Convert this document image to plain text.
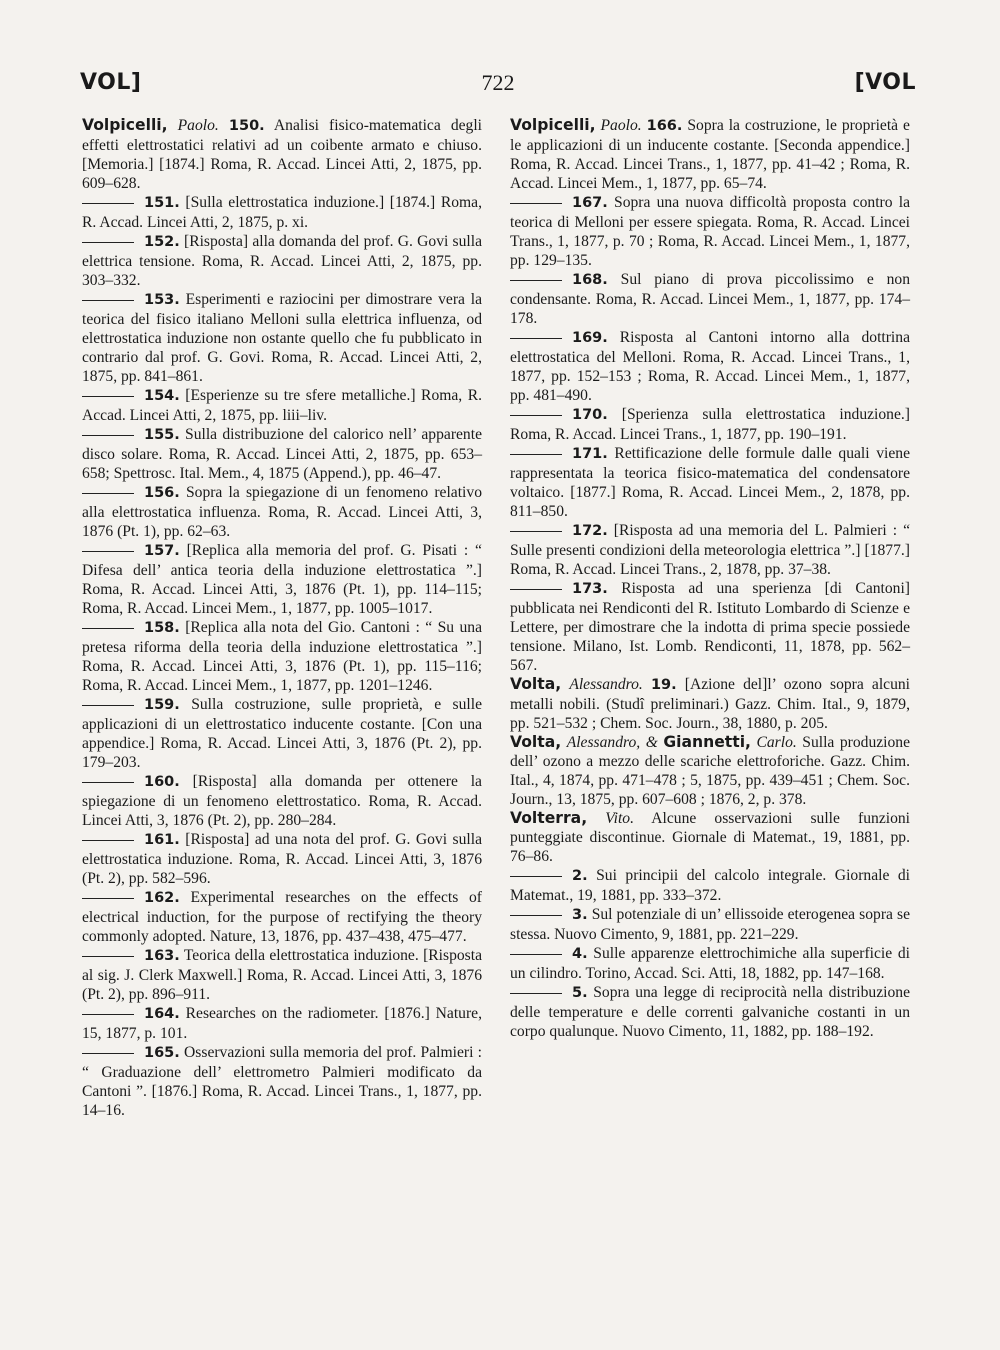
VOL]	722	[VOL

Volpicelli, Paolo. 150. Analisi fisico-matematica degli effetti elettrostatici relativi ad un coibente armato e chiuso. [Memoria.] [1874.] Roma, R. Accad. Lincei Atti, 2, 1875, pp. 609–628.

151. [Sulla elettrostatica induzione.] [1874.] Roma, R. Accad. Lincei Atti, 2, 1875, p. xi.

152. [Risposta] alla domanda del prof. G. Govi sulla elettrica tensione. Roma, R. Accad. Lincei Atti, 2, 1875, pp. 303–332.

153. Esperimenti e raziocini per dimostrare vera la teorica del fisico italiano Melloni sulla elettrica influenza, od elettrostatica induzione non ostante quello che fu pubblicato in contrario dal prof. G. Govi. Roma, R. Accad. Lincei Atti, 2, 1875, pp. 841–861.

154. [Esperienze su tre sfere metalliche.] Roma, R. Accad. Lincei Atti, 2, 1875, pp. liii–liv.

155. Sulla distribuzione del calorico nell’ apparente disco solare. Roma, R. Accad. Lincei Atti, 2, 1875, pp. 653–658; Spettrosc. Ital. Mem., 4, 1875 (Append.), pp. 46–47.

156. Sopra la spiegazione di un fenomeno relativo alla elettrostatica influenza. Roma, R. Accad. Lincei Atti, 3, 1876 (Pt. 1), pp. 62–63.

157. [Replica alla memoria del prof. G. Pisati : “ Difesa dell’ antica teoria della induzione elettrostatica ”.] Roma, R. Accad. Lincei Atti, 3, 1876 (Pt. 1), pp. 114–115; Roma, R. Accad. Lincei Mem., 1, 1877, pp. 1005–1017.

158. [Replica alla nota del Gio. Cantoni : “ Su una pretesa riforma della teoria della induzione elettrostatica ”.] Roma, R. Accad. Lincei Atti, 3, 1876 (Pt. 1), pp. 115–116; Roma, R. Accad. Lincei Mem., 1, 1877, pp. 1201–1246.

159. Sulla costruzione, sulle proprietà, e sulle applicazioni di un elettrostatico inducente costante. [Con una appendice.] Roma, R. Accad. Lincei Atti, 3, 1876 (Pt. 2), pp. 179–203.

160. [Risposta] alla domanda per ottenere la spiegazione di un fenomeno elettrostatico. Roma, R. Accad. Lincei Atti, 3, 1876 (Pt. 2), pp. 280–284.

161. [Risposta] ad una nota del prof. G. Govi sulla elettrostatica induzione. Roma, R. Accad. Lincei Atti, 3, 1876 (Pt. 2), pp. 582–596.

162. Experimental researches on the effects of electrical induction, for the purpose of rectifying the theory commonly adopted. Nature, 13, 1876, pp. 437–438, 475–477.

163. Teorica della elettrostatica induzione. [Risposta al sig. J. Clerk Maxwell.] Roma, R. Accad. Lincei Atti, 3, 1876 (Pt. 2), pp. 896–911.

164. Researches on the radiometer. [1876.] Nature, 15, 1877, p. 101.

165. Osservazioni sulla memoria del prof. Palmieri : “ Graduazione dell’ elettrometro Palmieri modificato da Cantoni ”. [1876.] Roma, R. Accad. Lincei Trans., 1, 1877, pp. 14–16.

Volpicelli, Paolo. 166. Sopra la costruzione, le proprietà e le applicazioni di un inducente costante. [Seconda appendice.] Roma, R. Accad. Lincei Trans., 1, 1877, pp. 41–42 ; Roma, R. Accad. Lincei Mem., 1, 1877, pp. 65–74.

167. Sopra una nuova difficoltà proposta contro la teorica di Melloni per essere spiegata. Roma, R. Accad. Lincei Trans., 1, 1877, p. 70 ; Roma, R. Accad. Lincei Mem., 1, 1877, pp. 129–135.

168. Sul piano di prova piccolissimo e non condensante. Roma, R. Accad. Lincei Mem., 1, 1877, pp. 174–178.

169. Risposta al Cantoni intorno alla dottrina elettrostatica del Melloni. Roma, R. Accad. Lincei Trans., 1, 1877, pp. 152–153 ; Roma, R. Accad. Lincei Mem., 1, 1877, pp. 481–490.

170. [Sperienza sulla elettrostatica induzione.] Roma, R. Accad. Lincei Trans., 1, 1877, pp. 190–191.

171. Rettificazione delle formule dalle quali viene rappresentata la teorica fisico-matematica del condensatore voltaico. [1877.] Roma, R. Accad. Lincei Mem., 2, 1878, pp. 811–850.

172. [Risposta ad una memoria del L. Palmieri : “ Sulle presenti condizioni della meteorologia elettrica ”.] [1877.] Roma, R. Accad. Lincei Trans., 2, 1878, pp. 37–38.

173. Risposta ad una sperienza [di Cantoni] pubblicata nei Rendiconti del R. Istituto Lombardo di Scienze e Lettere, per dimostrare che la indotta di prima specie possiede tensione. Milano, Ist. Lomb. Rendiconti, 11, 1878, pp. 562–567.

Volta, Alessandro. 19. [Azione del]l’ ozono sopra alcuni metalli nobili. (Studî preliminari.) Gazz. Chim. Ital., 9, 1879, pp. 521–532 ; Chem. Soc. Journ., 38, 1880, p. 205.

Volta, Alessandro, & Giannetti, Carlo. Sulla produzione dell’ ozono a mezzo delle scariche elettroforiche. Gazz. Chim. Ital., 4, 1874, pp. 471–478 ; 5, 1875, pp. 439–451 ; Chem. Soc. Journ., 13, 1875, pp. 607–608 ; 1876, 2, p. 378.

Volterra, Vito. Alcune osservazioni sulle funzioni punteggiate discontinue. Giornale di Matemat., 19, 1881, pp. 76–86.

2. Sui principii del calcolo integrale. Giornale di Matemat., 19, 1881, pp. 333–372.

3. Sul potenziale di un’ ellissoide eterogenea sopra se stessa. Nuovo Cimento, 9, 1881, pp. 221–229.

4. Sulle apparenze elettrochimiche alla superficie di un cilindro. Torino, Accad. Sci. Atti, 18, 1882, pp. 147–168.

5. Sopra una legge di reciprocità nella distribuzione delle temperature e delle correnti galvaniche costanti in un corpo qualunque. Nuovo Cimento, 11, 1882, pp. 188–192.
